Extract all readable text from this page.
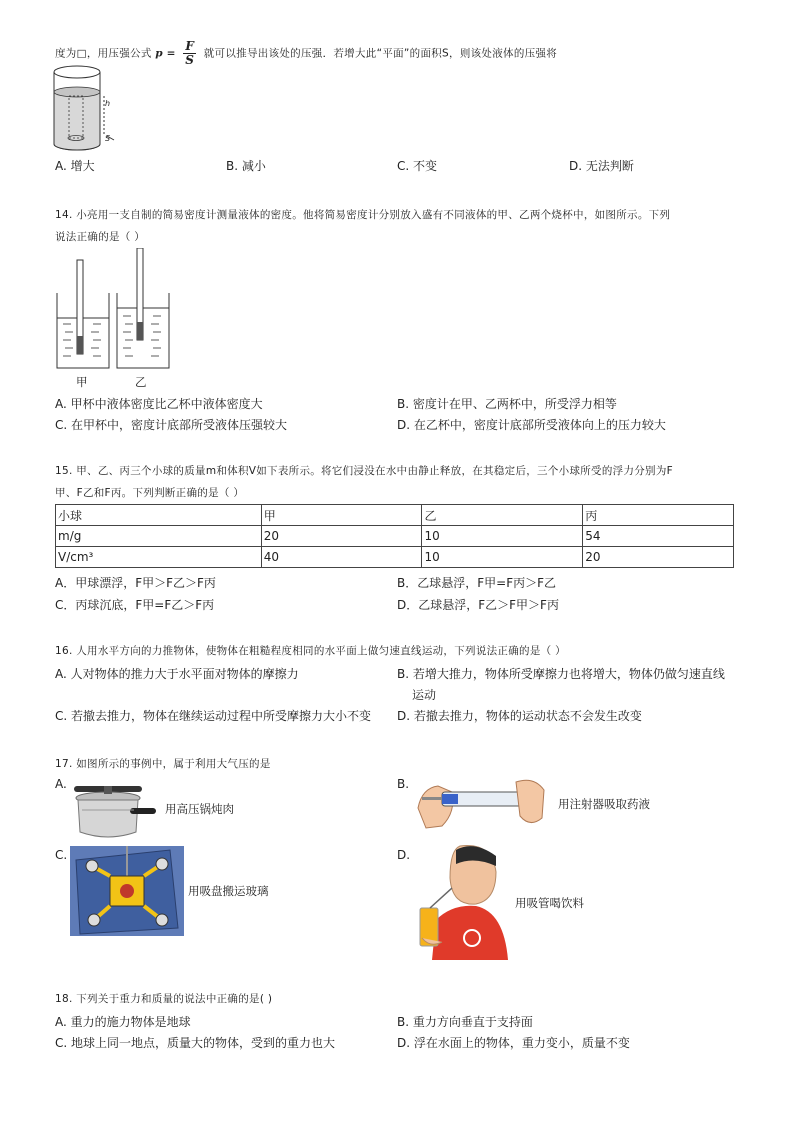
度为□，用压强公式 $p = \frac{F}{S}$ 就可以推导出该处的压强．若增大此“平面”的面积S，则该处液体的压强将
h
S
A. 增大	B. 减小	C. 不变	D. 无法判断
14. 小亮用一支自制的简易密度计测量液体的密度。他将简易密度计分别放入盛有不同液体的甲、乙两个烧杯中，如图所示。下列
说法正确的是（ ）
甲	乙
A. 甲杯中液体密度比乙杯中液体密度大	B. 密度计在甲、乙两杯中，所受浮力相等
C. 在甲杯中，密度计底部所受液体压强较大	D. 在乙杯中，密度计底部所受液体向上的压力较大
15. 甲、乙、丙三个小球的质量m和体积V如下表所示。将它们浸没在水中由静止释放，在其稳定后，三个小球所受的浮力分别为F
甲、F乙和F丙。下列判断正确的是（ ）
小球	甲	乙	丙
m/g	20	10	54
V/cm³	40	10	20
A．甲球漂浮，F甲＞F乙＞F丙	B．乙球悬浮，F甲=F丙＞F乙
C．丙球沉底，F甲=F乙＞F丙	D．乙球悬浮，F乙＞F甲＞F丙
16. 人用水平方向的力推物体，使物体在粗糙程度相同的水平面上做匀速直线运动，下列说法正确的是（ ）
A. 人对物体的推力大于水平面对物体的摩擦力	B. 若增大推力，物体所受摩擦力也将增大，物体仍做匀速直线
运动
C. 若撤去推力，物体在继续运动过程中所受摩擦力大小不变 D. 若撤去推力，物体的运动状态不会发生改变
17. 如图所示的事例中，属于利用大气压的是
A.
用高压锅炖肉
B.
用注射器吸取药液
C.
用吸盘搬运玻璃
D.
用吸管喝饮料
18. 下列关于重力和质量的说法中正确的是( )
A. 重力的施力物体是地球	B. 重力方向垂直于支持面
C. 地球上同一地点，质量大的物体，受到的重力也大	D. 浮在水面上的物体，重力变小，质量不变
